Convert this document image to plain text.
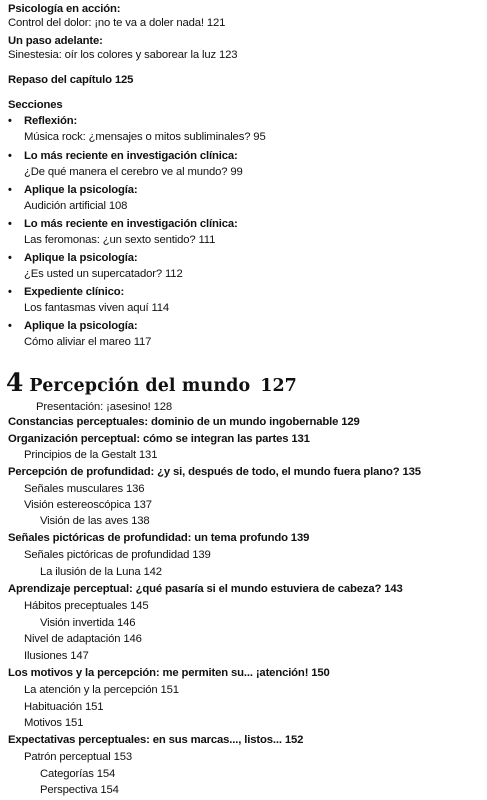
Psicología en acción:
Control del dolor: ¡no te va a doler nada! 121
Un paso adelante:
Sinestesia: oír los colores y saborear la luz 123
Repaso del capítulo 125
Secciones
• Reflexión:
Música rock: ¿mensajes o mitos subliminales? 95
• Lo más reciente en investigación clínica:
¿De qué manera el cerebro ve al mundo? 99
• Aplique la psicología:
Audición artificial 108
• Lo más reciente en investigación clínica:
Las feromonas: ¿un sexto sentido? 111
• Aplique la psicología:
¿Es usted un supercatador? 112
• Expediente clínico:
Los fantasmas viven aquí 114
• Aplique la psicología:
Cómo aliviar el mareo 117
4 Percepción del mundo 127
Presentación: ¡asesino! 128
Constancias perceptuales: dominio de un mundo ingobernable 129
Organización perceptual: cómo se integran las partes 131
Principios de la Gestalt 131
Percepción de profundidad: ¿y si, después de todo, el mundo fuera plano? 135
Señales musculares 136
Visión estereoscópica 137
Visión de las aves 138
Señales pictóricas de profundidad: un tema profundo 139
Señales pictóricas de profundidad 139
La ilusión de la Luna 142
Aprendizaje perceptual: ¿qué pasaría si el mundo estuviera de cabeza? 143
Hábitos preceptuales 145
Visión invertida 146
Nivel de adaptación 146
Ilusiones 147
Los motivos y la percepción: me permiten su... ¡atención! 150
La atención y la percepción 151
Habituación 151
Motivos 151
Expectativas perceptuales: en sus marcas..., listos... 152
Patrón perceptual 153
Categorías 154
Perspectiva 154
